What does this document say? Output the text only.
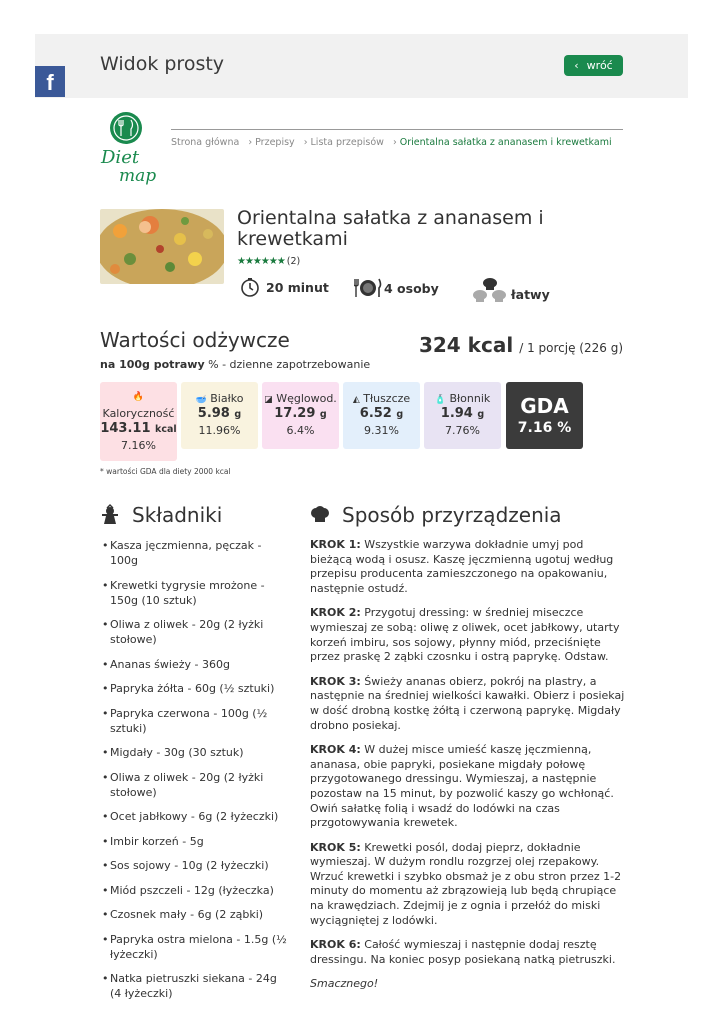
Widok prosty	‹ wróć
f
Diet
map
Strona główna › Przepisy › Lista przepisów › Orientalna sałatka z ananasem i krewetkami
Orientalna sałatka z ananasem i krewetkami
★★★★★★ (2)
20 minut	4 osoby	łatwy
Wartości odżywcze	324 kcal / 1 porcję (226 g)
na 100g potrawy % - dzienne zapotrzebowanie
🔥
Kaloryczność
143.11 kcal
7.16%
🥣 Białko
5.98 g
11.96%
◪ Węglowod.
17.29 g
6.4%
◭ Tłuszcze
6.52 g
9.31%
🧴 Błonnik
1.94 g
7.76%
GDA
7.16 %
* wartości GDA dla diety 2000 kcal
Składniki
• Kasza jęczmienna, pęczak - 100g
• Krewetki tygrysie mrożone - 150g (10 sztuk)
• Oliwa z oliwek - 20g (2 łyżki stołowe)
• Ananas świeży - 360g
• Papryka żółta - 60g (½ sztuki)
• Papryka czerwona - 100g (½ sztuki)
• Migdały - 30g (30 sztuk)
• Oliwa z oliwek - 20g (2 łyżki stołowe)
• Ocet jabłkowy - 6g (2 łyżeczki)
• Imbir korzeń - 5g
• Sos sojowy - 10g (2 łyżeczki)
• Miód pszczeli - 12g (łyżeczka)
• Czosnek mały - 6g (2 ząbki)
• Papryka ostra mielona - 1.5g (½ łyżeczki)
• Natka pietruszki siekana - 24g (4 łyżeczki)
Sposób przyrządzenia

KROK 1: Wszystkie warzywa dokładnie umyj pod bieżącą wodą i osusz. Kaszę jęczmienną ugotuj według przepisu producenta zamieszczonego na opakowaniu, następnie ostudź.

KROK 2: Przygotuj dressing: w średniej miseczce wymieszaj ze sobą: oliwę z oliwek, ocet jabłkowy, utarty korzeń imbiru, sos sojowy, płynny miód, przeciśnięte przez praskę 2 ząbki czosnku i ostrą paprykę. Odstaw.

KROK 3: Świeży ananas obierz, pokrój na plastry, a następnie na średniej wielkości kawałki. Obierz i posiekaj w dość drobną kostkę żółtą i czerwoną paprykę. Migdały drobno posiekaj.

KROK 4: W dużej misce umieść kaszę jęczmienną, ananasa, obie papryki, posiekane migdały połowę przygotowanego dressingu. Wymieszaj, a następnie pozostaw na 15 minut, by pozwolić kaszy go wchłonąć. Owiń sałatkę folią i wsadź do lodówki na czas przgotowywania krewetek.

KROK 5: Krewetki posól, dodaj pieprz, dokładnie wymieszaj. W dużym rondlu rozgrzej olej rzepakowy. Wrzuć krewetki i szybko obsmaż je z obu stron przez 1-2 minuty do momentu aż zbrązowieją lub będą chrupiące na krawędziach. Zdejmij je z ognia i przełóż do miski wyciągniętej z lodówki.

KROK 6: Całość wymieszaj i następnie dodaj resztę dressingu. Na koniec posyp posiekaną natką pietruszki.

Smacznego!
